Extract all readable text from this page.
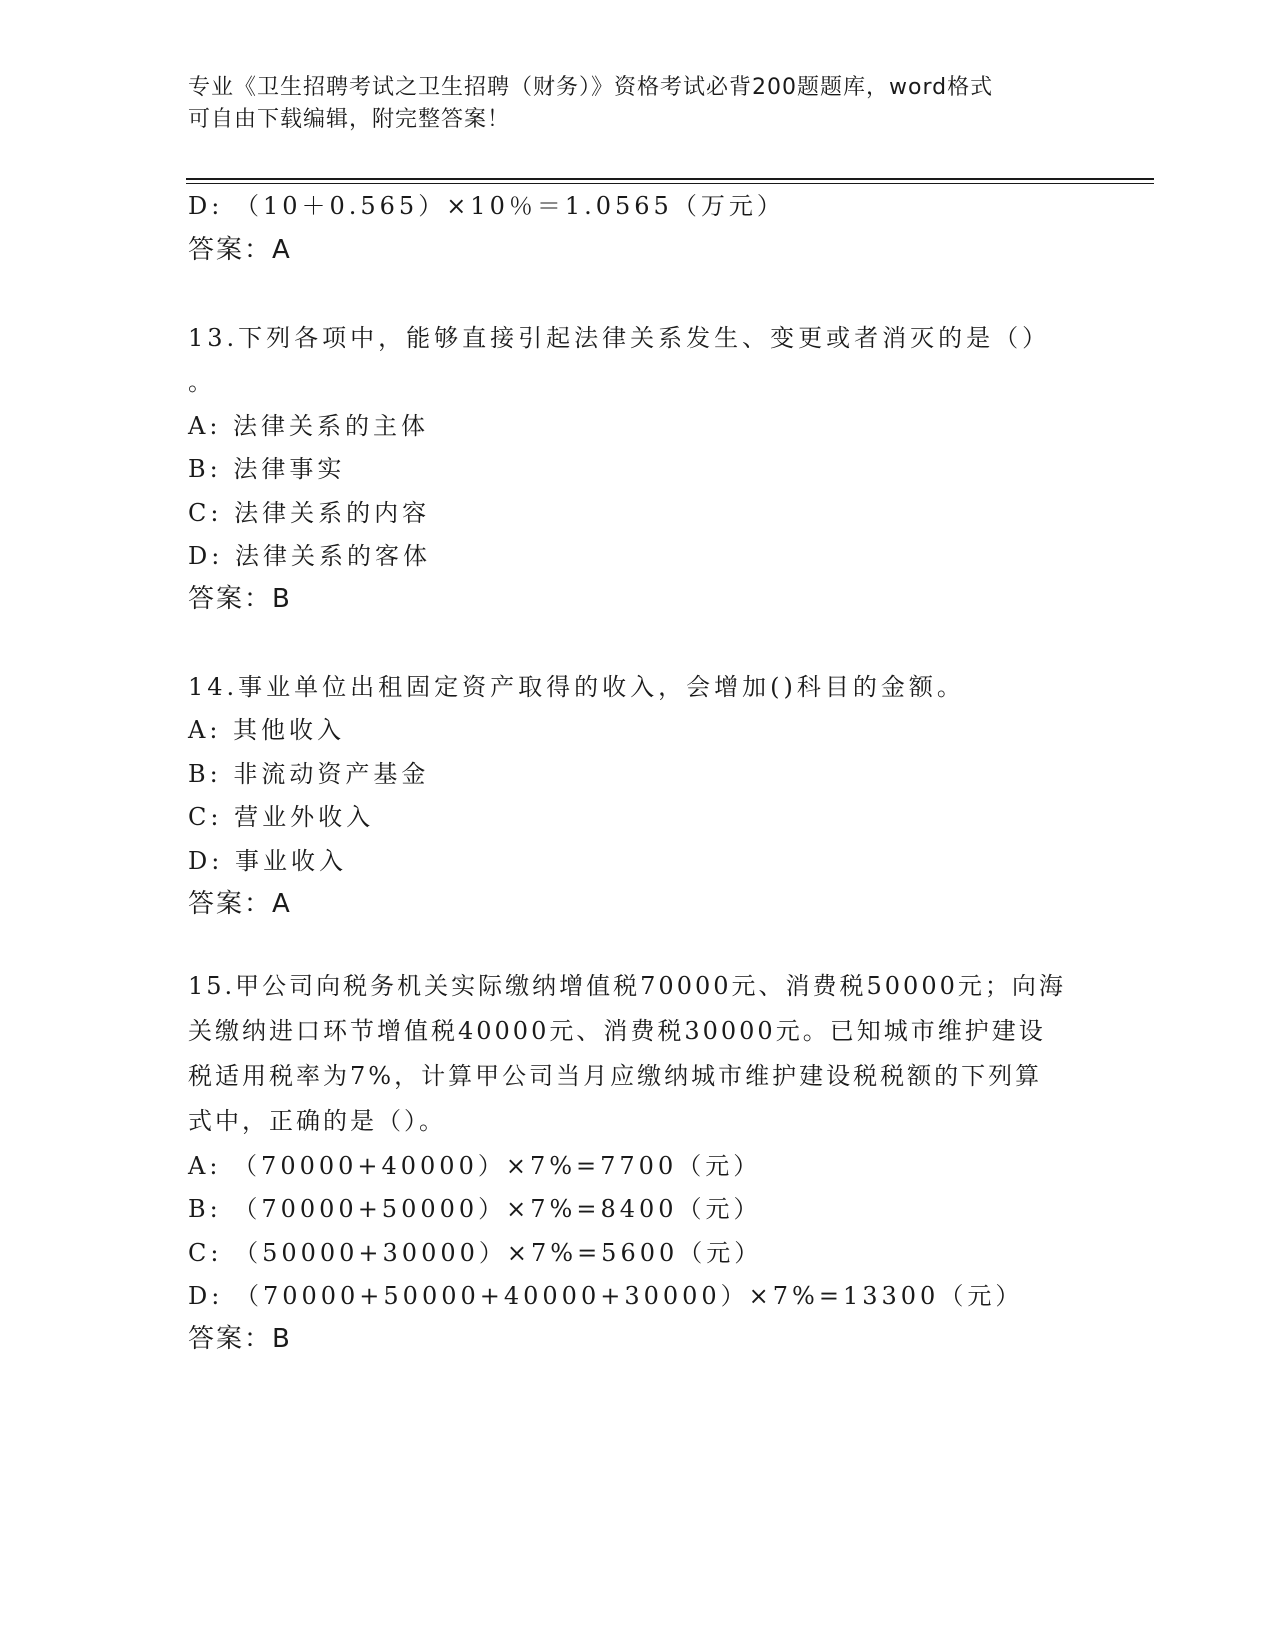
专业《卫生招聘考试之卫生招聘（财务）》资格考试必背200题题库，word格式
可自由下载编辑，附完整答案！
D: （10＋0.565）×10％＝1.0565（万元）
答案：A
13.下列各项中，能够直接引起法律关系发生、变更或者消灭的是（）
。
A: 法律关系的主体
B: 法律事实
C: 法律关系的内容
D: 法律关系的客体
答案：B
14.事业单位出租固定资产取得的收入，会增加()科目的金额。
A: 其他收入
B: 非流动资产基金
C: 营业外收入
D: 事业收入
答案：A
15.甲公司向税务机关实际缴纳增值税70000元、消费税50000元；向海关缴纳进口环节增值税40000元、消费税30000元。已知城市维护建设税适用税率为7%，计算甲公司当月应缴纳城市维护建设税税额的下列算式中，正确的是（）。
A: （70000+40000）×7%=7700（元）
B: （70000+50000）×7%=8400（元）
C: （50000+30000）×7%=5600（元）
D: （70000+50000+40000+30000）×7%=13300（元）
答案：B
